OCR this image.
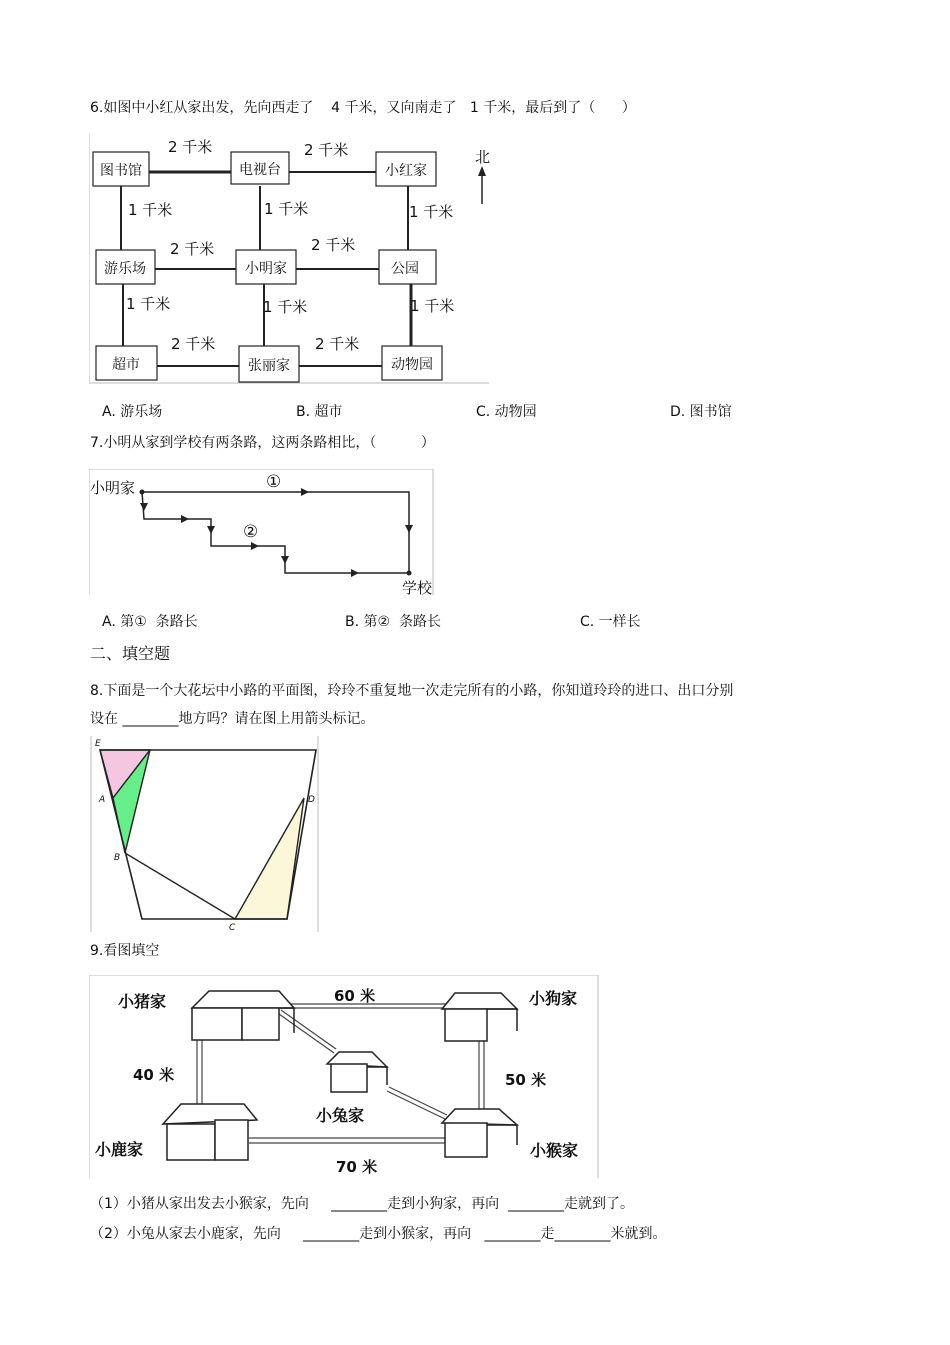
6.如图中小红从家出发，先向西走了    4 千米，又向南走了   1 千米，最后到了（      ）
图书馆	电视台	小红家
游乐场	小明家	公园
超市	张丽家	动物园
2 千米	2 千米
2 千米	2 千米
2 千米	2 千米
1 千米	1 千米	1 千米
1 千米	1 千米	1 千米
北
A. 游乐场	B. 超市	C. 动物园	D. 图书馆
7.小明从家到学校有两条路，这两条路相比，（          ）
小明家
学校
①
②
A. 第①  条路长	B. 第②  条路长	C. 一样长
二、填空题
8.下面是一个大花坛中小路的平面图，玲玲不重复地一次走完所有的小路，你知道玲玲的进口、出口分别
设在 ________地方吗？请在图上用箭头标记。
E
A
B
C
D
9.看图填空
小猪家	小狗家
小兔家
小鹿家	小猴家
60 米
40 米	50 米
70 米
（1）小猪从家出发去小猴家，先向     ________走到小狗家，再向  ________走就到了。
（2）小兔从家去小鹿家，先向     ________走到小猴家，再向   ________走________米就到。
